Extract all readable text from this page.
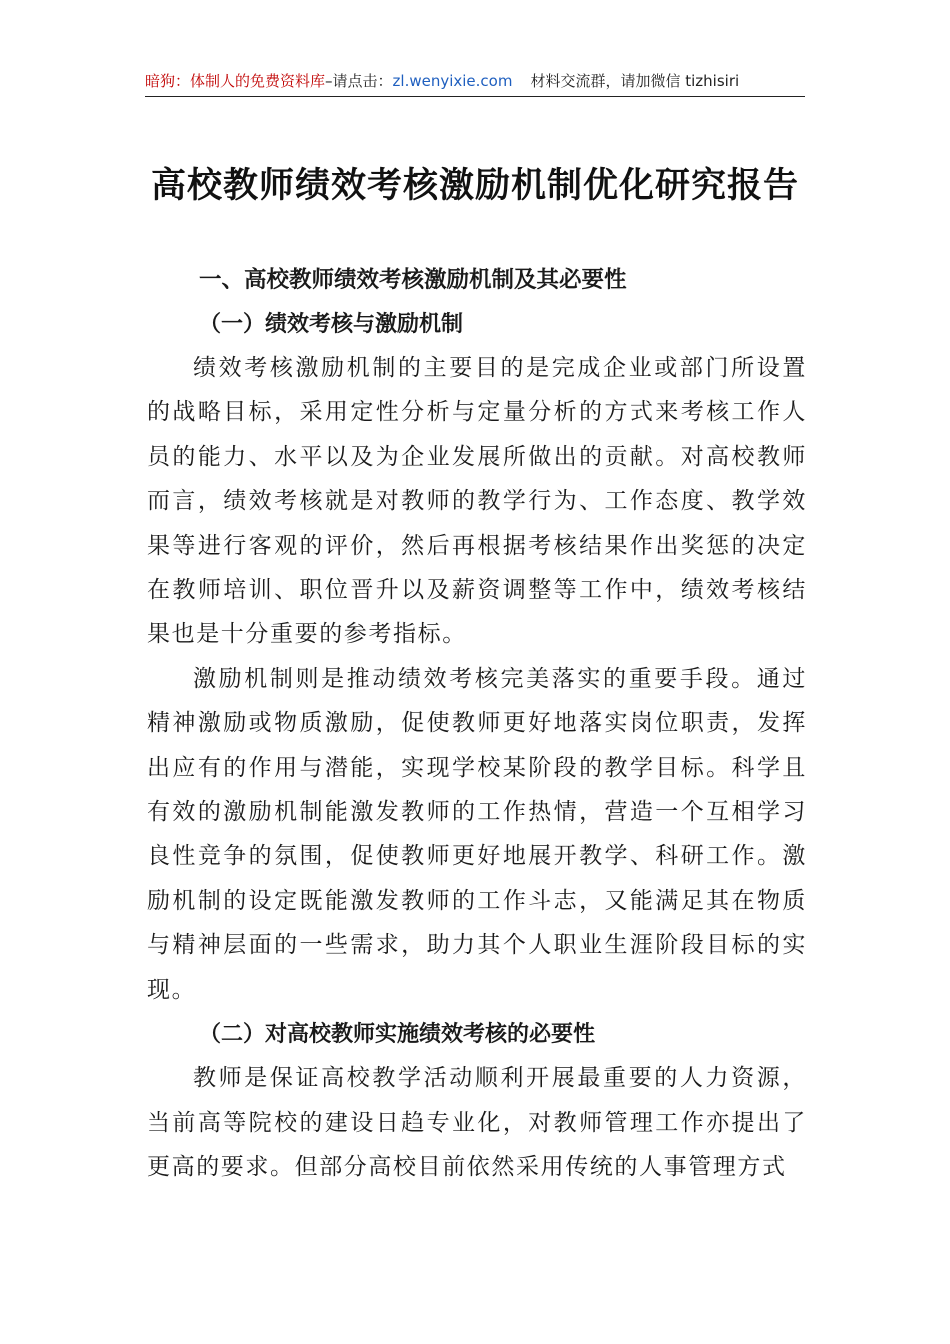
暗狗：体制人的免费资料库–请点击：zl.wenyixie.com 材料交流群，请加微信 tizhisiri
高校教师绩效考核激励机制优化研究报告

一、高校教师绩效考核激励机制及其必要性

（一）绩效考核与激励机制

绩效考核激励机制的主要目的是完成企业或部门所设置的战略目标，采用定性分析与定量分析的方式来考核工作人员的能力、水平以及为企业发展所做出的贡献。对高校教师而言，绩效考核就是对教师的教学行为、工作态度、教学效果等进行客观的评价，然后再根据考核结果作出奖惩的决定在教师培训、职位晋升以及薪资调整等工作中，绩效考核结果也是十分重要的参考指标。

激励机制则是推动绩效考核完美落实的重要手段。通过精神激励或物质激励，促使教师更好地落实岗位职责，发挥出应有的作用与潜能，实现学校某阶段的教学目标。科学且有效的激励机制能激发教师的工作热情，营造一个互相学习良性竞争的氛围，促使教师更好地展开教学、科研工作。激励机制的设定既能激发教师的工作斗志，又能满足其在物质与精神层面的一些需求，助力其个人职业生涯阶段目标的实现。

（二）对高校教师实施绩效考核的必要性

教师是保证高校教学活动顺利开展最重要的人力资源，当前高等院校的建设日趋专业化，对教师管理工作亦提出了更高的要求。但部分高校目前依然采用传统的人事管理方式
